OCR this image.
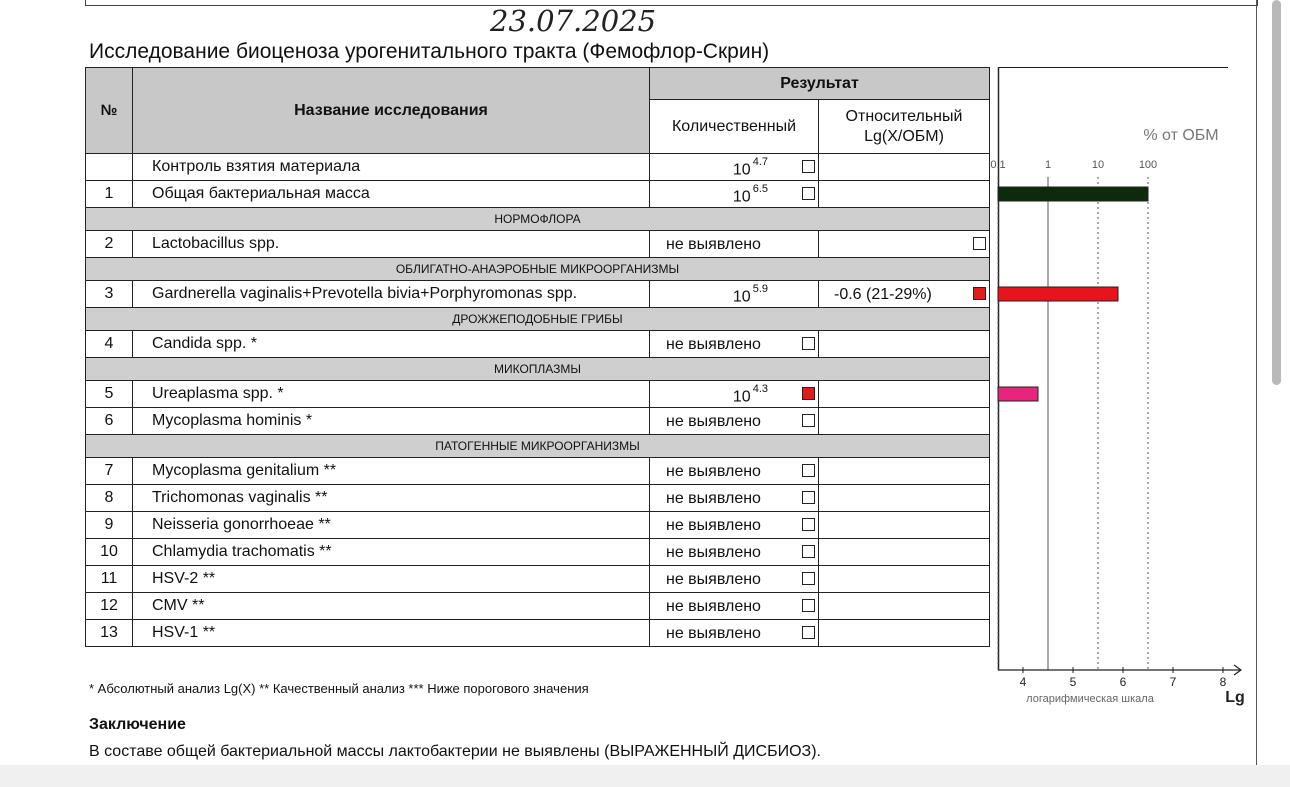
23.07.2025
Исследование биоценоза урогенитального тракта (Фемофлор-Скрин)
№	Название исследования	Результат	
		Количественный	Относительный
Lg(X/ОБМ)
	Контроль взятия материала	10 $^{4.7}$

1	Общая бактериальная масса	10 $^{6.5}$

НОРМОФЛОРА			
2	Lactobacillus spp.	не выявлено	

ОБЛИГАТНО-АНАЭРОБНЫЕ МИКРООРГАНИЗМЫ			
3	Gardnerella vaginalis+Prevotella bivia+Porphyromonas spp.	10 $^{5.9}$	-0.6 (21-29%)

ДРОЖЖЕПОДОБНЫЕ ГРИБЫ			
4	Candida spp. *	не выявлено	

МИКОПЛАЗМЫ			
5	Ureaplasma spp. *	10 $^{4.3}$

6	Mycoplasma hominis *	не выявлено	

ПАТОГЕННЫЕ МИКРООРГАНИЗМЫ			
7	Mycoplasma genitalium **	не выявлено	

8	Trichomonas vaginalis **	не выявлено	

9	Neisseria gonorrhoeae **	не выявлено	

10	Chlamydia trachomatis **	не выявлено	

11	HSV-2 **	не выявлено	

12	CMV **	не выявлено	

13	HSV-1 **	не выявлено	

% от ОБМ
0.1	1	10	100
4	5	6	7	8
логарифмическая шкала	Lg
* Абсолютный анализ Lg(X) ** Качественный анализ *** Ниже порогового значения
Заключение
В составе общей бактериальной массы лактобактерии не выявлены (ВЫРАЖЕННЫЙ ДИСБИОЗ).
